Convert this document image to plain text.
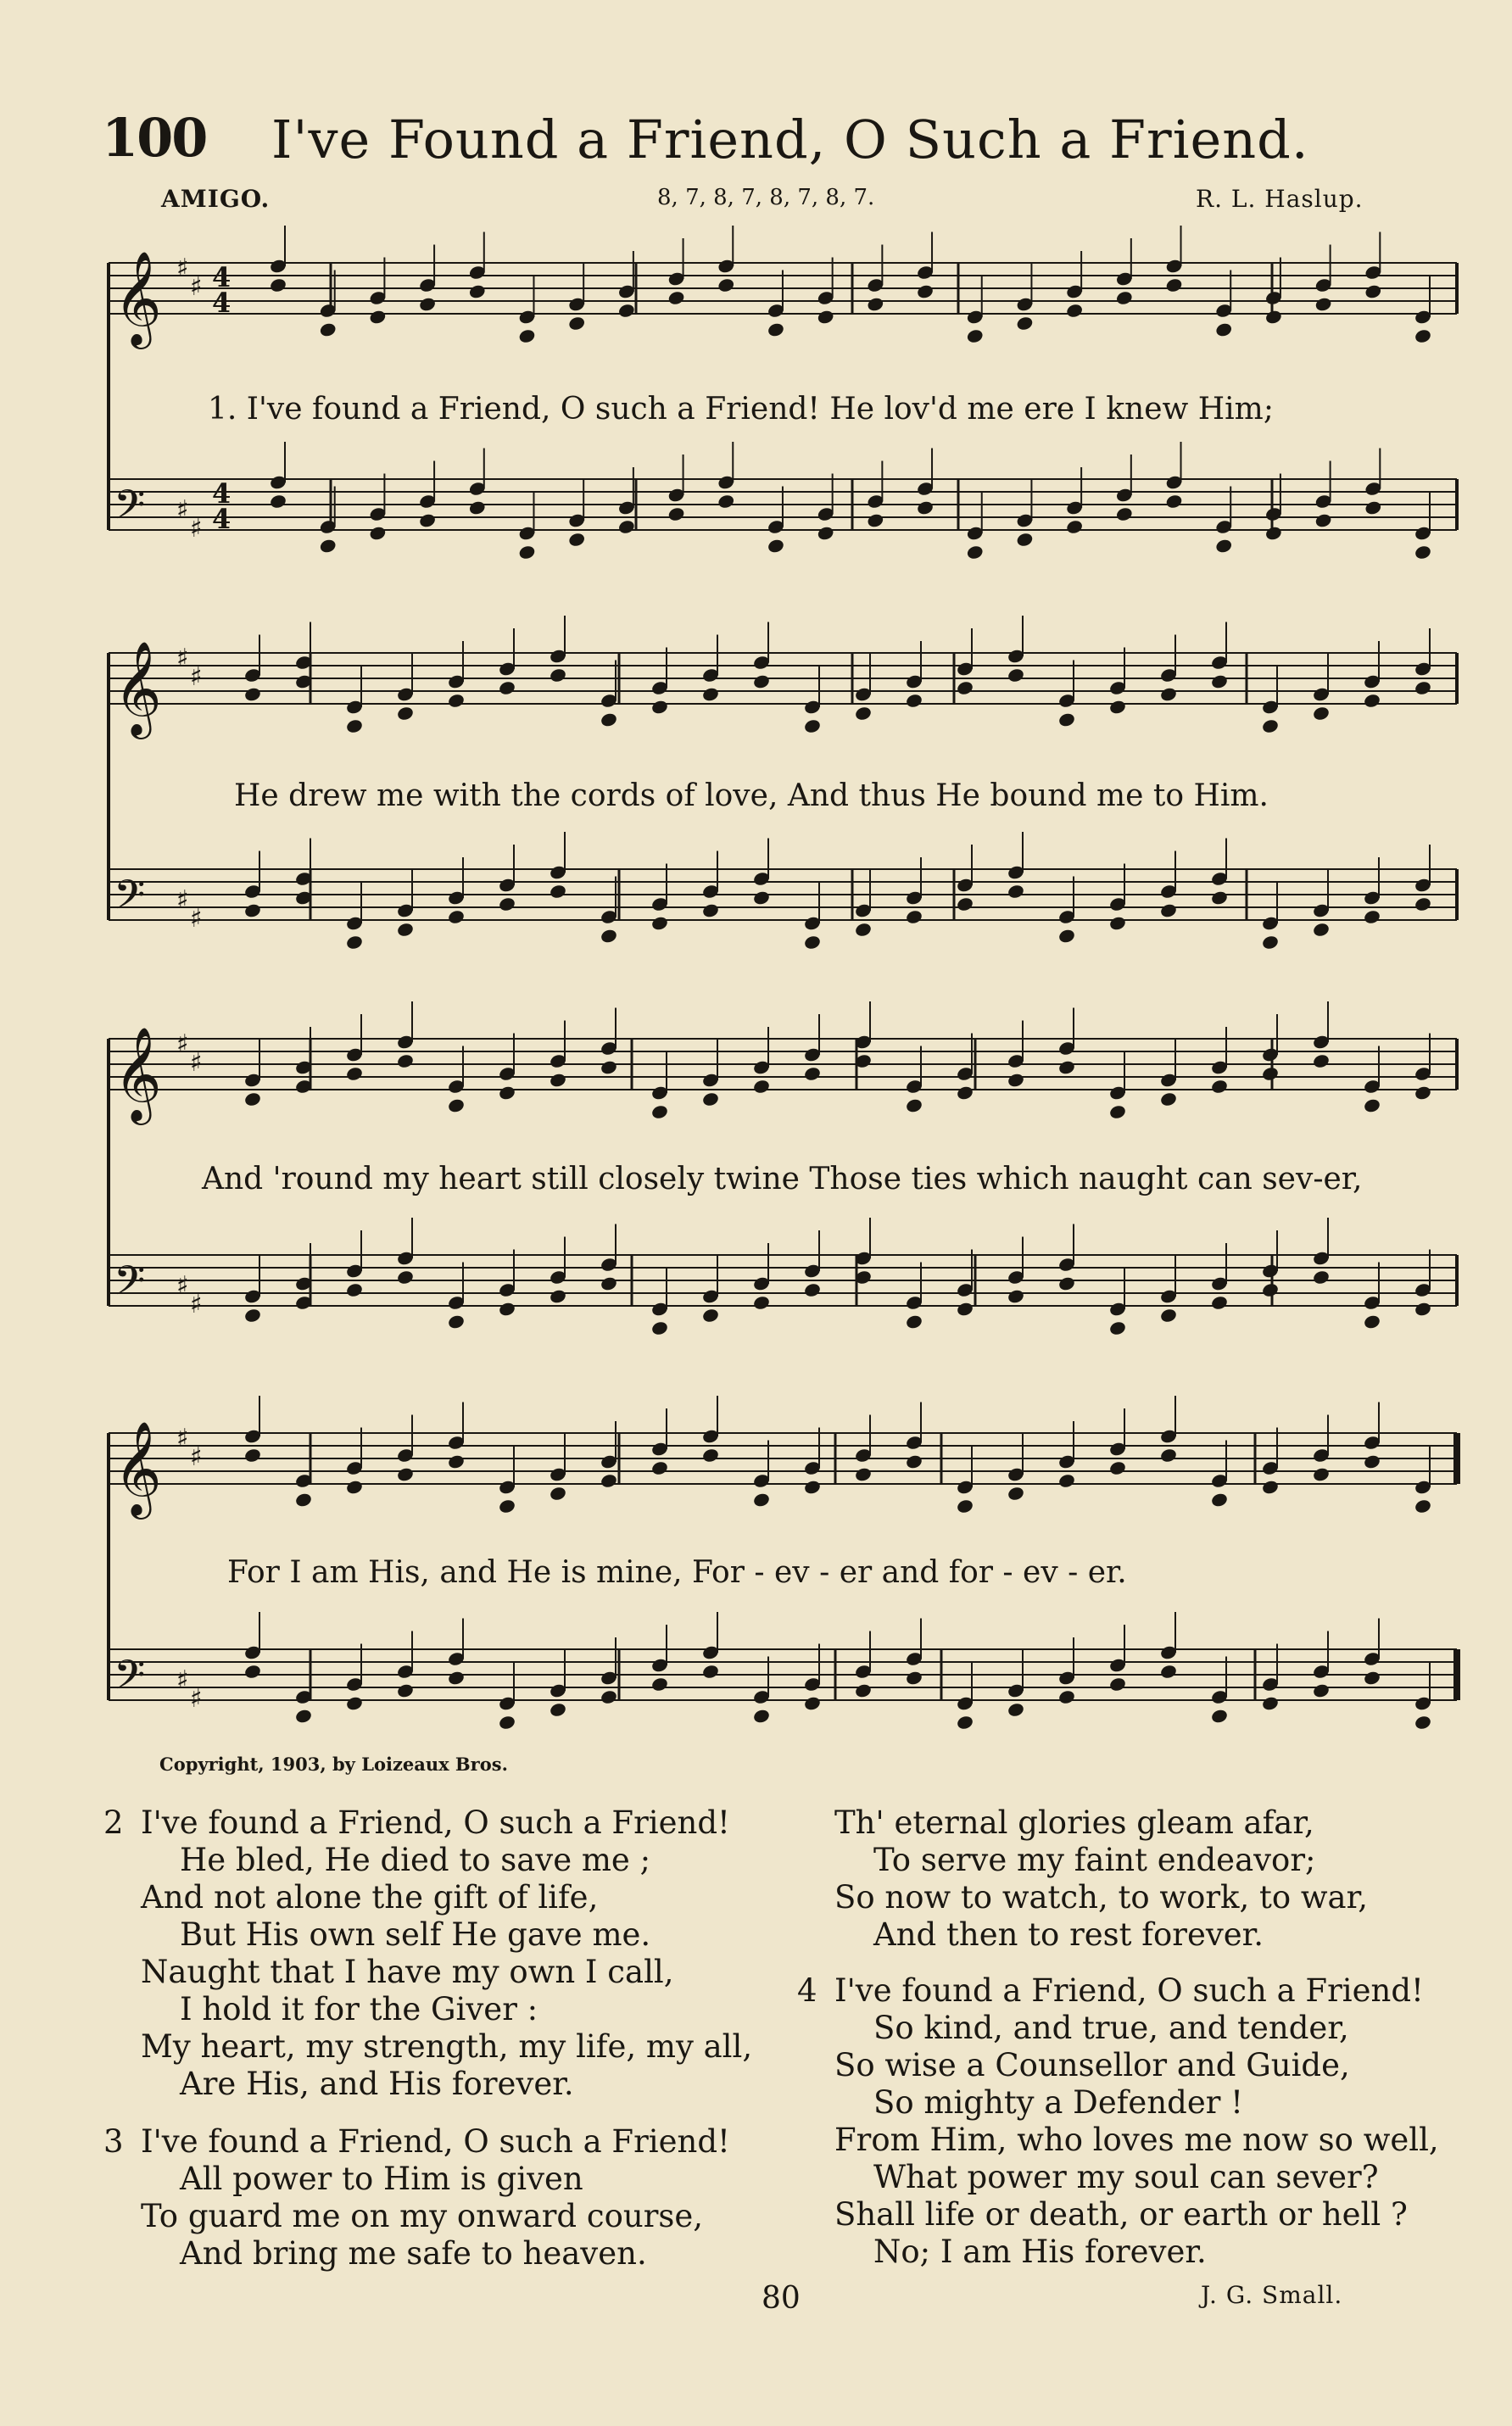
100 I've Found a Friend, O Such a Friend.
AMIGO.	8, 7, 8, 7, 8, 7, 8, 7.	R. L. Haslup.
𝄞 ♯
♯ 4
4
𝄢 ♯
♯
4
4
𝄞 ♯
♯
𝄢 ♯
♯
𝄞 ♯
♯
𝄢 ♯
♯
𝄞 ♯
♯
𝄢 ♯
♯
1. I've found a Friend, O such a Friend! He lov'd me ere I knew Him;
He drew me with the cords of love, And thus He bound me to Him.
And 'round my heart still closely twine Those ties which naught can sev-er,
For I am His, and He is mine, For - ev - er and for - ev - er.
Copyright, 1903, by Loizeaux Bros.
2 I've found a Friend, O such a Friend!
He bled, He died to save me ;
And not alone the gift of life,
But His own self He gave me.
Naught that I have my own I call,
I hold it for the Giver :
My heart, my strength, my life, my all,
Are His, and His forever.
3 I've found a Friend, O such a Friend!
All power to Him is given
To guard me on my onward course,
And bring me safe to heaven.
Th' eternal glories gleam afar,
To serve my faint endeavor;
So now to watch, to work, to war,
And then to rest forever.
4 I've found a Friend, O such a Friend!
So kind, and true, and tender,
So wise a Counsellor and Guide,
So mighty a Defender !
From Him, who loves me now so well,
What power my soul can sever?
Shall life or death, or earth or hell ?
No; I am His forever.
80	J. G. Small.
